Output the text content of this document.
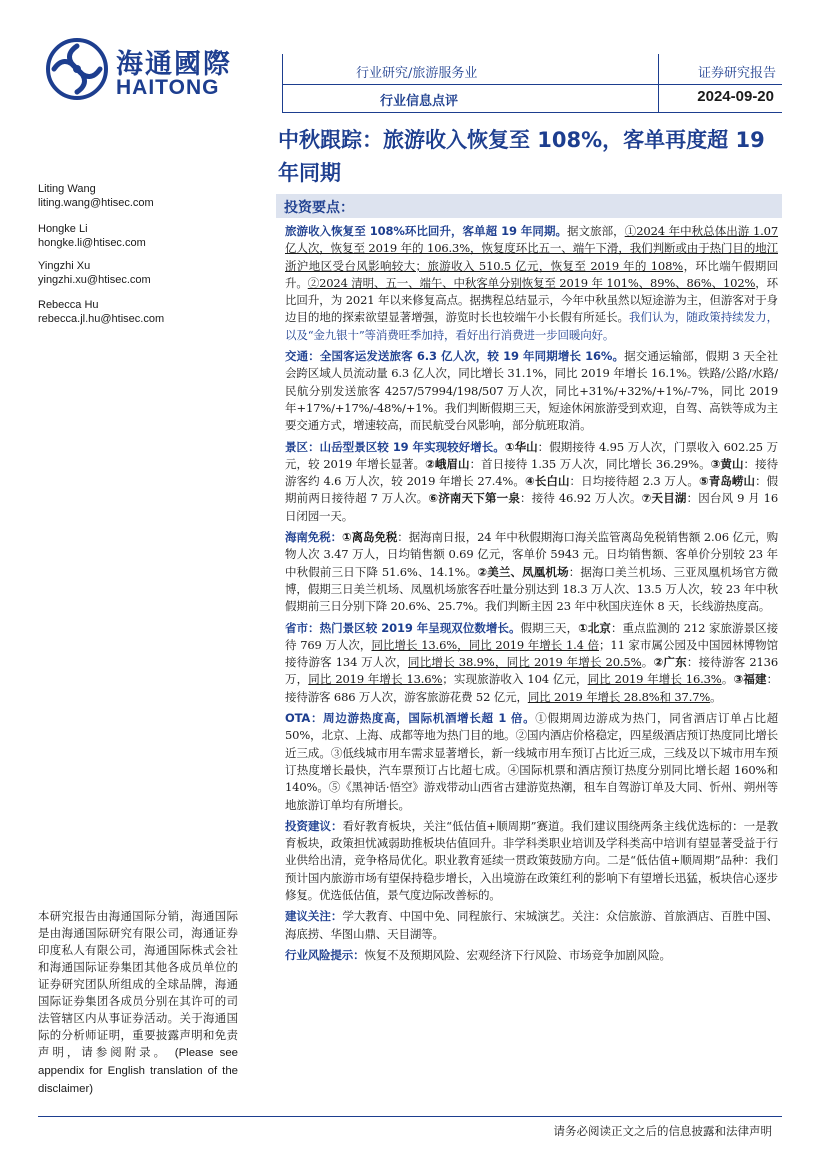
海通國際
HAITONG
行业研究/旅游服务业
行业信息点评
证券研究报告
2024-09-20
中秋跟踪：旅游收入恢复至 108%，客单再度超 19 年同期
Liting Wang
liting.wang@htisec.com
Hongke Li
hongke.li@htisec.com
Yingzhi Xu
yingzhi.xu@htisec.com
Rebecca Hu
rebecca.jl.hu@htisec.com
本研究报告由海通国际分销，海通国际是由海通国际研究有限公司，海通证券印度私人有限公司，海通国际株式会社和海通国际证券集团其他各成员单位的证券研究团队所组成的全球品牌，海通国际证券集团各成员分别在其许可的司法管辖区内从事证券活动。关于海通国际的分析师证明，重要披露声明和免责声明，请参阅附录。 (Please see appendix for English translation of the disclaimer)
投资要点：

旅游收入恢复至 108%环比回升，客单超 19 年同期。据文旅部，①2024 年中秋总体出游 1.07 亿人次，恢复至 2019 年的 106.3%，恢复度环比五一、端午下滑，我们判断或由于热门目的地江浙沪地区受台风影响较大；旅游收入 510.5 亿元，恢复至 2019 年的 108%，环比端午假期回升。②2024 清明、五一、端午、中秋客单分别恢复至 2019 年 101%、89%、86%、102%，环比回升，为 2021 年以来修复高点。据携程总结显示，今年中秋虽然以短途游为主，但游客对于身边目的地的探索欲望显著增强，游览时长也较端午小长假有所延长。我们认为，随政策持续发力，以及“金九银十”等消费旺季加持，看好出行消费进一步回暖向好。

交通：全国客运发送旅客 6.3 亿人次，较 19 年同期增长 16%。据交通运输部，假期 3 天全社会跨区域人员流动量 6.3 亿人次，同比增长 31.1%，同比 2019 年增长 16.1%。铁路/公路/水路/民航分别发送旅客 4257/57994/198/507 万人次，同比+31%/+32%/+1%/-7%，同比 2019 年+17%/+17%/-48%/+1%。我们判断假期三天，短途休闲旅游受到欢迎，自驾、高铁等成为主要交通方式，增速较高，而民航受台风影响，部分航班取消。

景区：山岳型景区较 19 年实现较好增长。①华山：假期接待 4.95 万人次，门票收入 602.25 万元，较 2019 年增长显著。②峨眉山：首日接待 1.35 万人次，同比增长 36.29%。③黄山：接待游客约 4.6 万人次，较 2019 年增长 27.4%。④长白山：日均接待超 2.3 万人。⑤青岛崂山：假期前两日接待超 7 万人次。⑥济南天下第一泉：接待 46.92 万人次。⑦天目湖：因台风 9 月 16 日闭园一天。

海南免税：①离岛免税：据海南日报，24 年中秋假期海口海关监管离岛免税销售额 2.06 亿元，购物人次 3.47 万人，日均销售额 0.69 亿元，客单价 5943 元。日均销售额、客单价分别较 23 年中秋假前三日下降 51.6%、14.1%。②美兰、凤凰机场：据海口美兰机场、三亚凤凰机场官方微博，假期三日美兰机场、凤凰机场旅客吞吐量分别达到 18.3 万人次、13.5 万人次，较 23 年中秋假期前三日分别下降 20.6%、25.7%。我们判断主因 23 年中秋国庆连休 8 天，长线游热度高。

省市：热门景区较 2019 年呈现双位数增长。假期三天，①北京：重点监测的 212 家旅游景区接待 769 万人次，同比增长 13.6%，同比 2019 年增长 1.4 倍；11 家市属公园及中国园林博物馆接待游客 134 万人次，同比增长 38.9%，同比 2019 年增长 20.5%。②广东：接待游客 2136 万，同比 2019 年增长 13.6%；实现旅游收入 104 亿元，同比 2019 年增长 16.3%。③福建：接待游客 686 万人次，游客旅游花费 52 亿元，同比 2019 年增长 28.8%和 37.7%。

OTA：周边游热度高，国际机酒增长超 1 倍。①假期周边游成为热门，同省酒店订单占比超 50%，北京、上海、成都等地为热门目的地。②国内酒店价格稳定，四星级酒店预订热度同比增长近三成。③低线城市用车需求显著增长，新一线城市用车预订占比近三成，三线及以下城市用车预订热度增长最快，汽车票预订占比超七成。④国际机票和酒店预订热度分别同比增长超 160%和 140%。⑤《黑神话·悟空》游戏带动山西省古建游览热潮，租车自驾游订单及大同、忻州、朔州等地旅游订单均有所增长。

投资建议：看好教育板块，关注“低估值+顺周期”赛道。我们建议围绕两条主线优选标的：一是教育板块，政策担忧减弱助推板块估值回升。非学科类职业培训及学科类高中培训有望显著受益于行业供给出清，竞争格局优化。职业教育延续一贯政策鼓励方向。二是“低估值+顺周期”品种：我们预计国内旅游市场有望保持稳步增长，入出境游在政策红利的影响下有望增长迅猛，板块信心逐步修复。优选低估值，景气度边际改善标的。

建议关注：学大教育、中国中免、同程旅行、宋城演艺。关注：众信旅游、首旅酒店、百胜中国、海底捞、华图山鼎、天目湖等。

行业风险提示：恢复不及预期风险、宏观经济下行风险、市场竞争加剧风险。

请务必阅读正文之后的信息披露和法律声明
